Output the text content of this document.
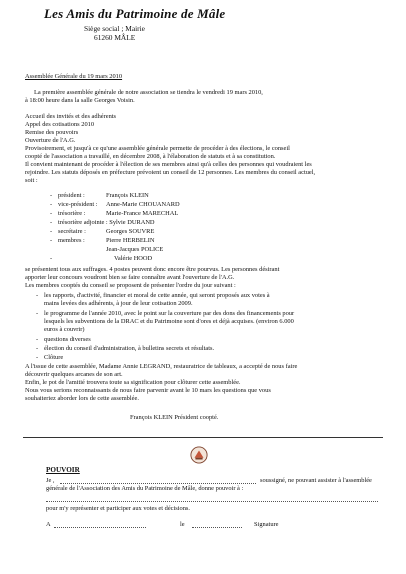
Les Amis du Patrimoine de Mâle
Siège social ; Mairie
61260 MÂLE
Assemblée Générale du 19 mars 2010
La première assemblée générale de notre association se tiendra le vendredi 19 mars 2010,
à 18:00 heure dans la salle Georges Voisin.
Accueil des invités et des adhérents
Appel des cotisations 2010
Remise des pouvoirs
Ouverture de l'A.G.
Provisoirement, et jusqu'à ce qu'une assemblée générale permette de procéder à des élections, le conseil
coopté de l'association a travaillé, en décembre 2008, à l'élaboration de statuts et à sa constitution.
Il convient maintenant de procéder à l'élection de ses membres ainsi qu'à celles des personnes qui voudraient les
rejoindre. Les statuts déposés en préfecture prévoient un conseil de 12 personnes. Les membres du conseil actuel,
soit :
- président :	François KLEIN
- vice-président : Anne-Marie CHOUANARD
- trésorière :	Marie-France MARECHAL
- trésorière adjointe : Sylvie DURAND
- secrétaire :	Georges SOUVRE
- membres :	Pierre HERBELIN
Jean-Jacques POLICE
-	Valérie HOOD
se présentent tous aux suffrages. 4 postes peuvent donc encore être pourvus. Les personnes désirant
apporter leur concours voudront bien se faire connaître avant l'ouverture de l'A.G.
Les membres cooptés du conseil se proposent de présenter l'ordre du jour suivant :
- les rapports, d'activité, financier et moral de cette année, qui seront proposés aux votes à
mains levées des adhérents, à jour de leur cotisation 2009.
- le programme de l'année 2010, avec le point sur la couverture par des dons des financements pour
lesquels les subventions de la DRAC et du Patrimoine sont d'ores et déjà acquises. (environ 6.000
euros à couvrir)
- questions diverses
- élection du conseil d'administration, à bulletins secrets et résultats.
- Clôture
A l'issue de cette assemblée, Madame Annie LEGRAND, restauratrice de tableaux, a accepté de nous faire
découvrir quelques arcanes de son art.
Enfin, le pot de l'amitié trouvera toute sa signification pour clôturer cette assemblée.
Nous vous serions reconnaissants de nous faire parvenir avant le 10 mars les questions que vous
souhaiteriez aborder lors de cette assemblée.
François KLEIN Président coopté.
POUVOIR
Je ,	soussigné, ne pouvant assister à l'assemblée
générale de l'Association des Amis du Patrimoine de Mâle, donne pouvoir à :
pour m'y représenter et participer aux votes et décisions.
A	le	Signature
